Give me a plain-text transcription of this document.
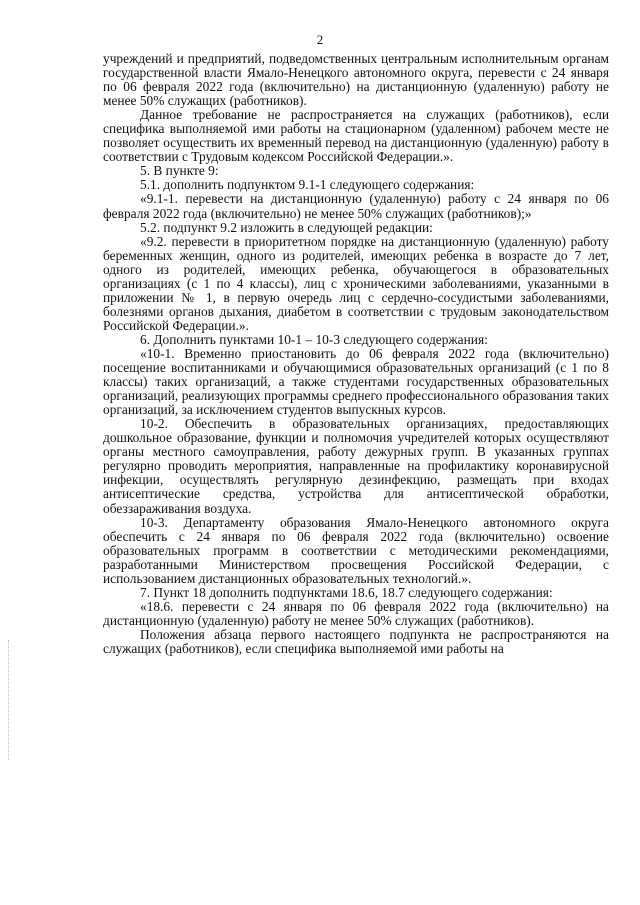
2

учреждений и предприятий, подведомственных центральным исполнительным органам государственной власти Ямало-Ненецкого автономного округа, перевести с 24 января по 06 февраля 2022 года (включительно) на дистанционную (удаленную) работу не менее 50% служащих (работников).

Данное требование не распространяется на служащих (работников), если специфика выполняемой ими работы на стационарном (удаленном) рабочем месте не позволяет осуществить их временный перевод на дистанционную (удаленную) работу в соответствии с Трудовым кодексом Российской Федерации.».

5. В пункте 9:

5.1. дополнить подпунктом 9.1-1 следующего содержания:

«9.1-1. перевести на дистанционную (удаленную) работу с 24 января по 06 февраля 2022 года (включительно) не менее 50% служащих (работников);»

5.2. подпункт 9.2 изложить в следующей редакции:

«9.2. перевести в приоритетном порядке на дистанционную (удаленную) работу беременных женщин, одного из родителей, имеющих ребенка в возрасте до 7 лет, одного из родителей, имеющих ребенка, обучающегося в образовательных организациях (с 1 по 4 классы), лиц с хроническими заболеваниями, указанными в приложении № 1, в первую очередь лиц с сердечно-сосудистыми заболеваниями, болезнями органов дыхания, диабетом в соответствии с трудовым законодательством Российской Федерации.».

6. Дополнить пунктами 10-1 – 10-3 следующего содержания:

«10-1. Временно приостановить до 06 февраля 2022 года (включительно) посещение воспитанниками и обучающимися образовательных организаций (с 1 по 8 классы) таких организаций, а также студентами государственных образовательных организаций, реализующих программы среднего профессионального образования таких организаций, за исключением студентов выпускных курсов.

10-2. Обеспечить в образовательных организациях, предоставляющих дошкольное образование, функции и полномочия учредителей которых осуществляют органы местного самоуправления, работу дежурных групп. В указанных группах регулярно проводить мероприятия, направленные на профилактику коронавирусной инфекции, осуществлять регулярную дезинфекцию, размещать при входах антисептические средства, устройства для антисептической обработки, обеззараживания воздуха.

10-3. Департаменту образования Ямало-Ненецкого автономного округа обеспечить с 24 января по 06 февраля 2022 года (включительно) освоение образовательных программ в соответствии с методическими рекомендациями, разработанными Министерством просвещения Российской Федерации, с использованием дистанционных образовательных технологий.».

7. Пункт 18 дополнить подпунктами 18.6, 18.7 следующего содержания:

«18.6. перевести с 24 января по 06 февраля 2022 года (включительно) на дистанционную (удаленную) работу не менее 50% служащих (работников).

Положения абзаца первого настоящего подпункта не распространяются на служащих (работников), если специфика выполняемой ими работы на
